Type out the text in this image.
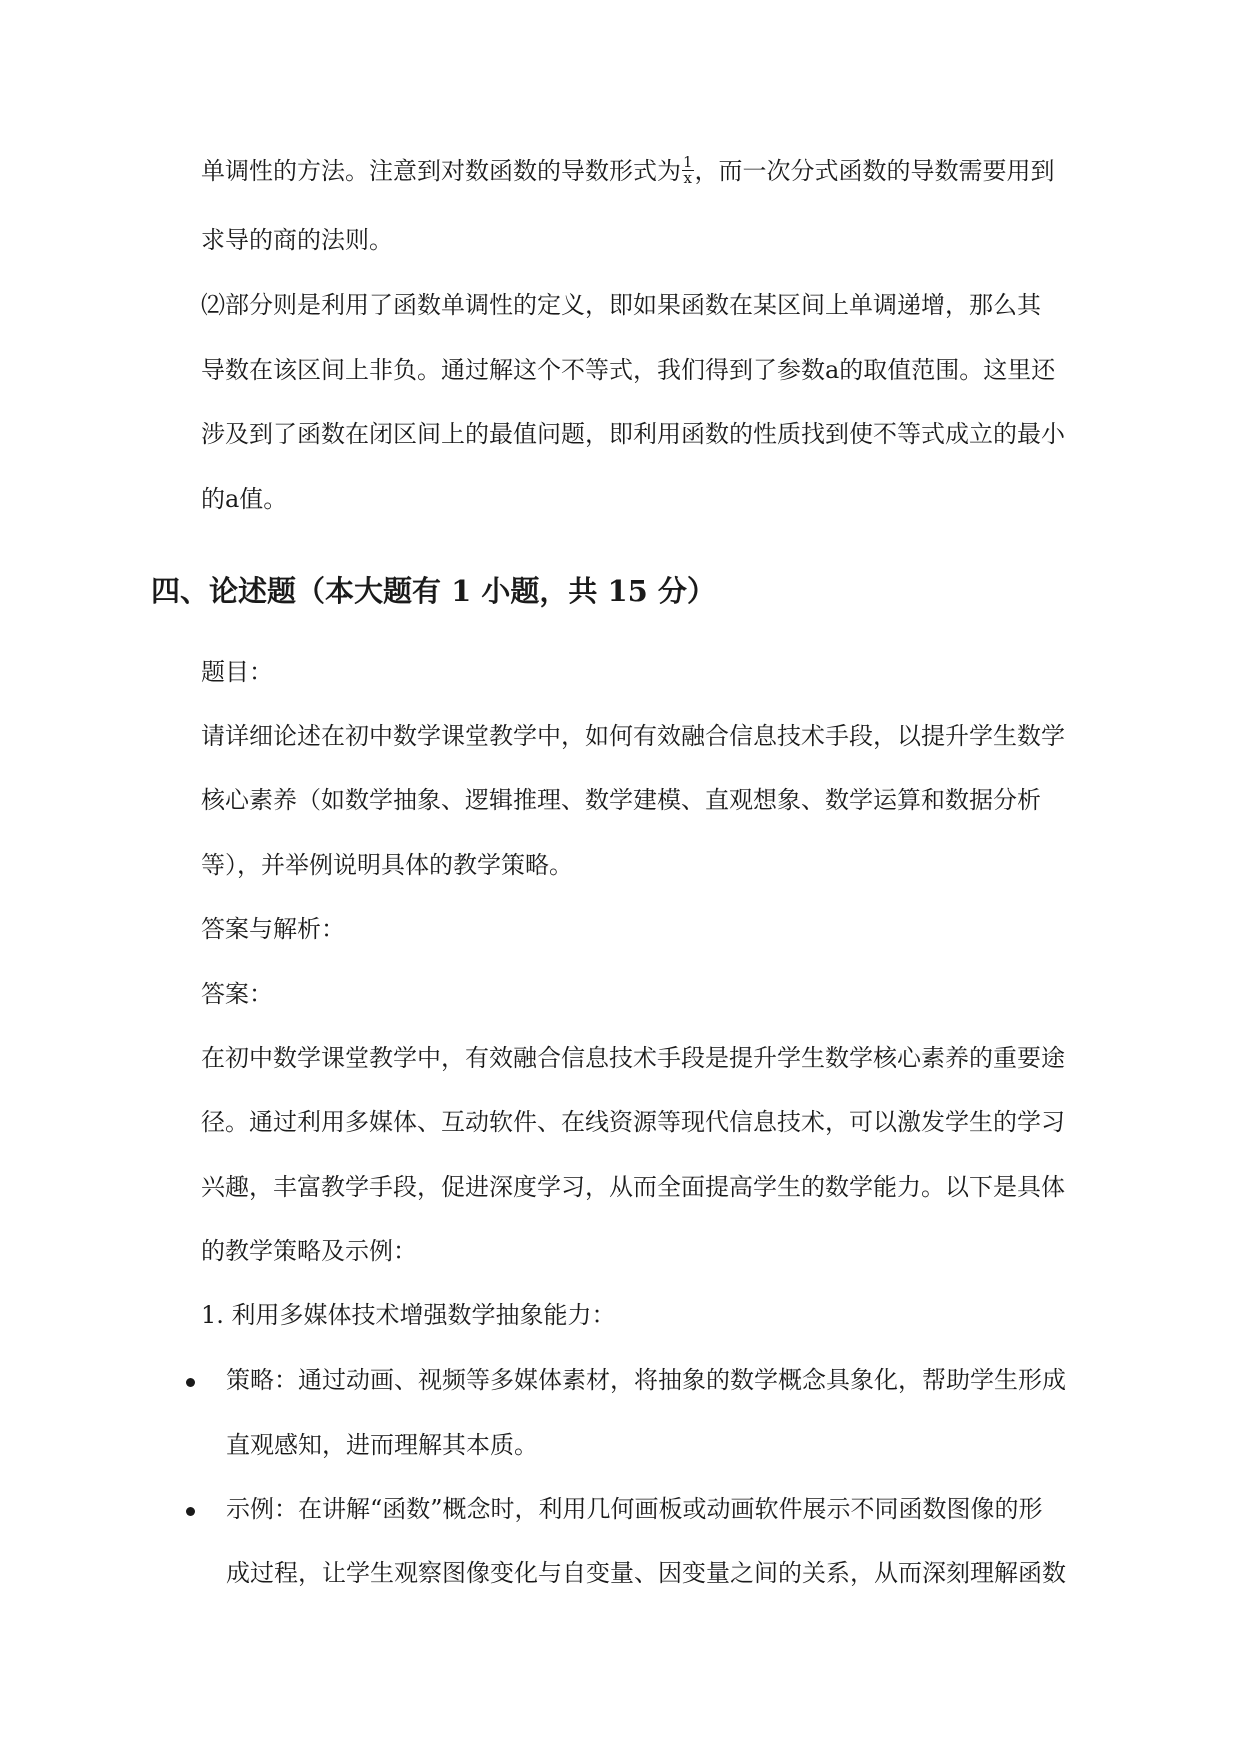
单调性的方法。注意到对数函数的导数形式为 $\frac{1}{x}$ ，而一次分式函数的导数需要用到

求导的商的法则。

⑵部分则是利用了函数单调性的定义，即如果函数在某区间上单调递增，那么其

导数在该区间上非负。通过解这个不等式，我们得到了参数a的取值范围。这里还

涉及到了函数在闭区间上的最值问题，即利用函数的性质找到使不等式成立的最小

的a值。

四、论述题（本大题有 1 小题，共 15 分）

题目：

请详细论述在初中数学课堂教学中，如何有效融合信息技术手段，以提升学生数学

核心素养（如数学抽象、逻辑推理、数学建模、直观想象、数学运算和数据分析

等），并举例说明具体的教学策略。

答案与解析：

答案：

在初中数学课堂教学中，有效融合信息技术手段是提升学生数学核心素养的重要途

径。通过利用多媒体、互动软件、在线资源等现代信息技术，可以激发学生的学习

兴趣，丰富教学手段，促进深度学习，从而全面提高学生的数学能力。以下是具体

的教学策略及示例：

1. 利用多媒体技术增强数学抽象能力：

策略：通过动画、视频等多媒体素材，将抽象的数学概念具象化，帮助学生形成

直观感知，进而理解其本质。

示例：在讲解“函数”概念时，利用几何画板或动画软件展示不同函数图像的形

成过程，让学生观察图像变化与自变量、因变量之间的关系，从而深刻理解函数
